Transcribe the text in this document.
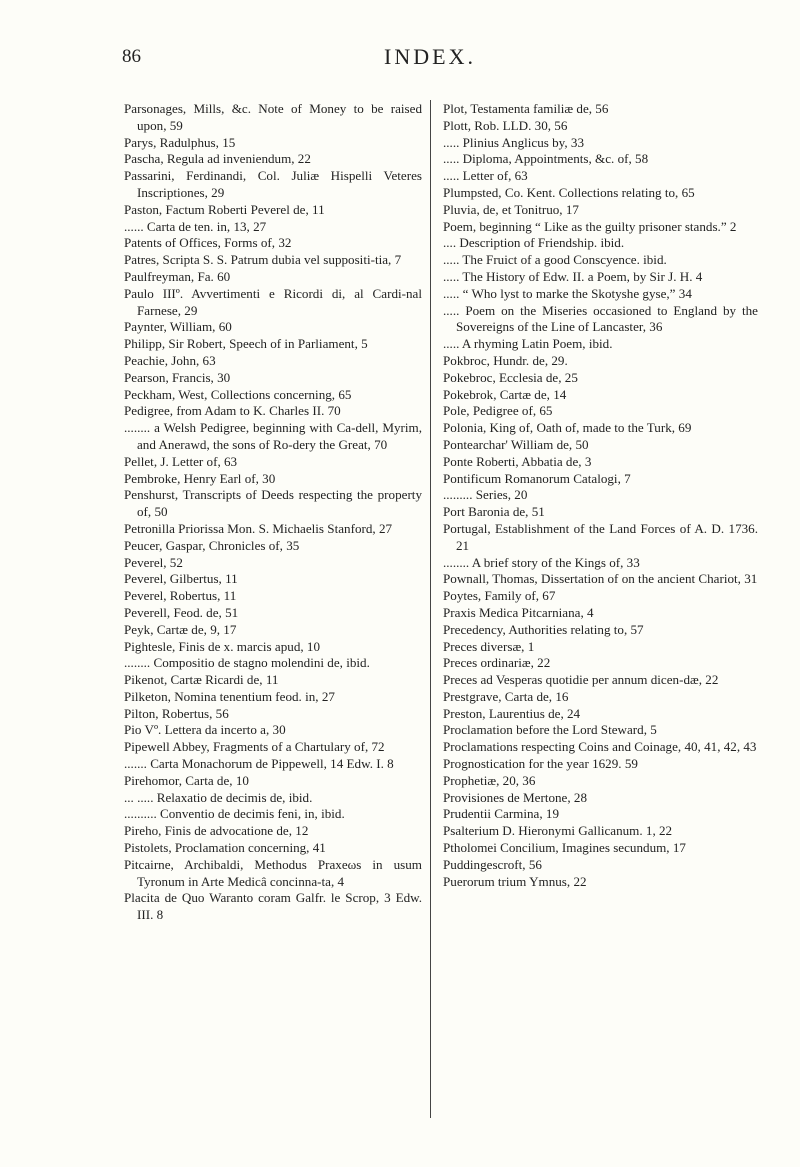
86	INDEX.

Parsonages, Mills, &c. Note of Money to be raised upon, 59

Parys, Radulphus, 15

Pascha, Regula ad inveniendum, 22

Passarini, Ferdinandi, Col. Juliæ Hispelli Veteres Inscriptiones, 29

Paston, Factum Roberti Peverel de, 11

...... Carta de ten. in, 13, 27

Patents of Offices, Forms of, 32

Patres, Scripta S. S. Patrum dubia vel suppositi-tia, 7

Paulfreyman, Fa. 60

Paulo IIIº. Avvertimenti e Ricordi di, al Cardi-nal Farnese, 29

Paynter, William, 60

Philipp, Sir Robert, Speech of in Parliament, 5

Peachie, John, 63

Pearson, Francis, 30

Peckham, West, Collections concerning, 65

Pedigree, from Adam to K. Charles II. 70

........ a Welsh Pedigree, beginning with Ca-dell, Myrim, and Anerawd, the sons of Ro-dery the Great, 70

Pellet, J. Letter of, 63

Pembroke, Henry Earl of, 30

Penshurst, Transcripts of Deeds respecting the property of, 50

Petronilla Priorissa Mon. S. Michaelis Stanford, 27

Peucer, Gaspar, Chronicles of, 35

Peverel, 52

Peverel, Gilbertus, 11

Peverel, Robertus, 11

Peverell, Feod. de, 51

Peyk, Cartæ de, 9, 17

Pightesle, Finis de x. marcis apud, 10

........ Compositio de stagno molendini de, ibid.

Pikenot, Cartæ Ricardi de, 11

Pilketon, Nomina tenentium feod. in, 27

Pilton, Robertus, 56

Pio Vº. Lettera da incerto a, 30

Pipewell Abbey, Fragments of a Chartulary of, 72

....... Carta Monachorum de Pippewell, 14 Edw. I. 8

Pirehomor, Carta de, 10

... ..... Relaxatio de decimis de, ibid.

.......... Conventio de decimis feni, in, ibid.

Pireho, Finis de advocatione de, 12

Pistolets, Proclamation concerning, 41

Pitcairne, Archibaldi, Methodus Praxeωs in usum Tyronum in Arte Medicâ concinna-ta, 4

Placita de Quo Waranto coram Galfr. le Scrop, 3 Edw. III. 8

Plot, Testamenta familiæ de, 56

Plott, Rob. LLD. 30, 56

..... Plinius Anglicus by, 33

..... Diploma, Appointments, &c. of, 58

..... Letter of, 63

Plumpsted, Co. Kent. Collections relating to, 65

Pluvia, de, et Tonitruo, 17

Poem, beginning “ Like as the guilty prisoner stands.” 2

.... Description of Friendship. ibid.

..... The Fruict of a good Conscyence. ibid.

..... The History of Edw. II. a Poem, by Sir J. H. 4

..... “ Who lyst to marke the Skotyshe gyse,” 34

..... Poem on the Miseries occasioned to England by the Sovereigns of the Line of Lancaster, 36

..... A rhyming Latin Poem, ibid.

Pokbroc, Hundr. de, 29.

Pokebroc, Ecclesia de, 25

Pokebrok, Cartæ de, 14

Pole, Pedigree of, 65

Polonia, King of, Oath of, made to the Turk, 69

Pontearchar' William de, 50

Ponte Roberti, Abbatia de, 3

Pontificum Romanorum Catalogi, 7

......... Series, 20

Port Baronia de, 51

Portugal, Establishment of the Land Forces of A. D. 1736. 21

........ A brief story of the Kings of, 33

Pownall, Thomas, Dissertation of on the ancient Chariot, 31

Poytes, Family of, 67

Praxis Medica Pitcarniana, 4

Precedency, Authorities relating to, 57

Preces diversæ, 1

Preces ordinariæ, 22

Preces ad Vesperas quotidie per annum dicen-dæ, 22

Prestgrave, Carta de, 16

Preston, Laurentius de, 24

Proclamation before the Lord Steward, 5

Proclamations respecting Coins and Coinage, 40, 41, 42, 43

Prognostication for the year 1629. 59

Prophetiæ, 20, 36

Provisiones de Mertone, 28

Prudentii Carmina, 19

Psalterium D. Hieronymi Gallicanum. 1, 22

Ptholomei Concilium, Imagines secundum, 17

Puddingescroft, 56

Puerorum trium Ymnus, 22
